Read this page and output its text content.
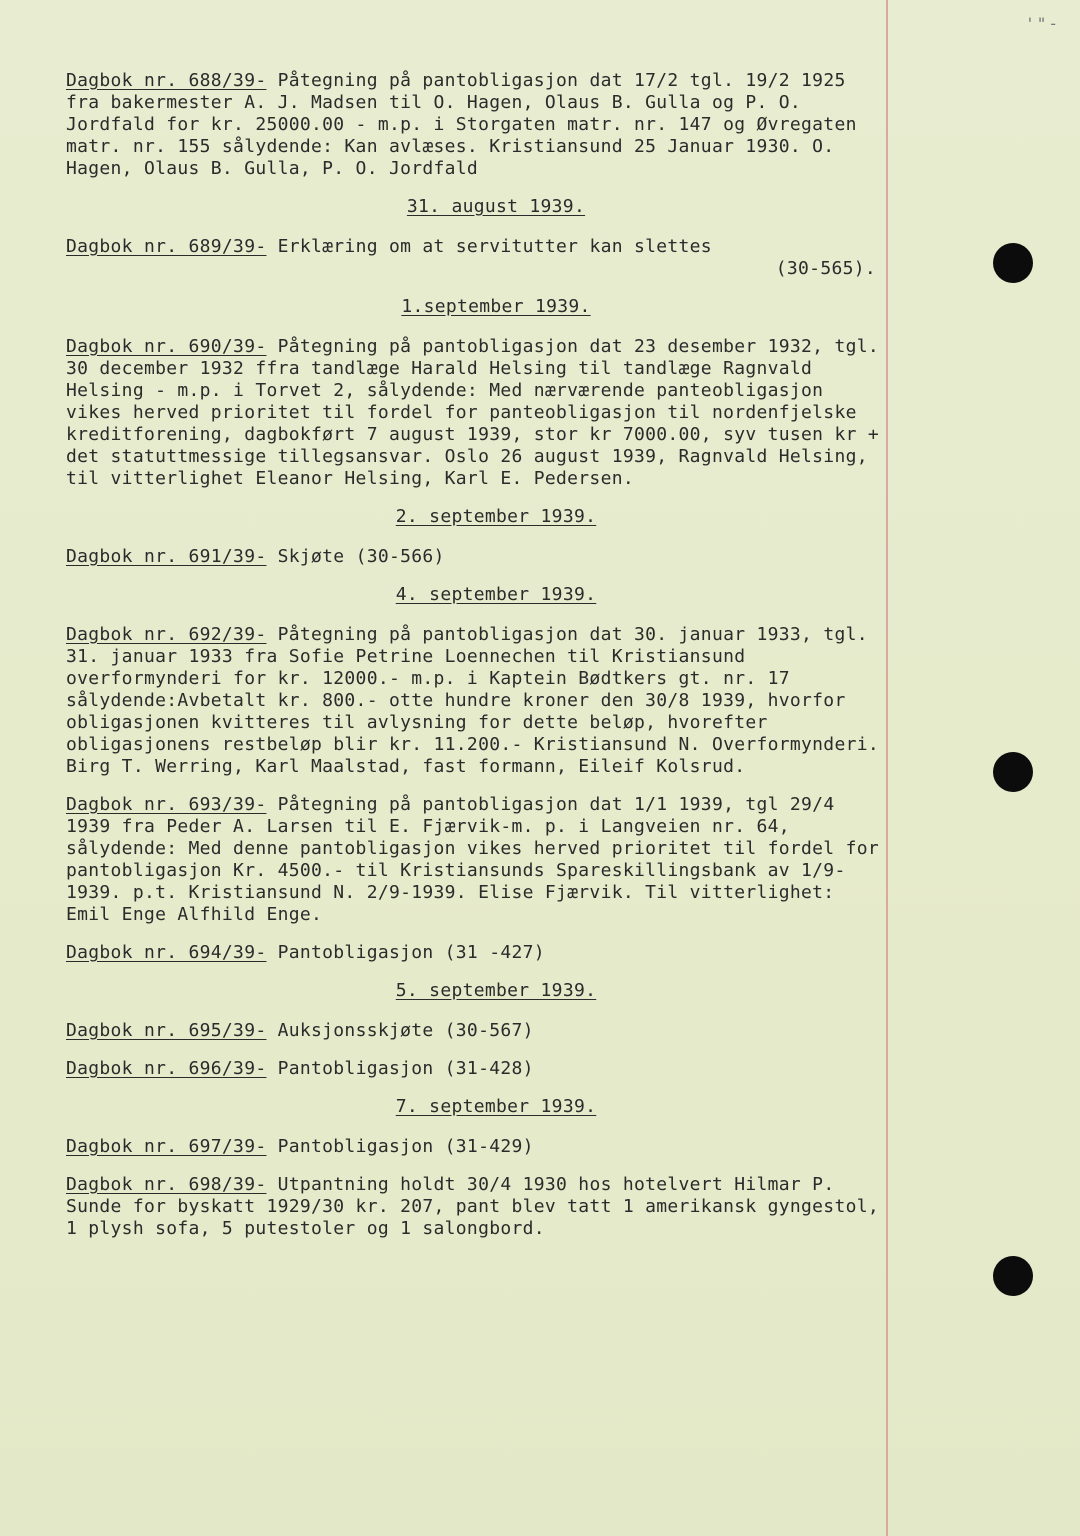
'"-
Dagbok nr. 688/39- Påtegning på pantobligasjon dat 17/2 tgl. 19/2 1925 fra bakermester A. J. Madsen til O. Hagen, Olaus B. Gulla og P. O. Jordfald for kr. 25000.00 - m.p. i Storgaten matr. nr. 147 og Øvregaten matr. nr. 155 sålydende: Kan avlæses. Kristiansund 25 Januar 1930. O. Hagen, Olaus B. Gulla, P. O. Jordfald
31. august 1939.
Dagbok nr. 689/39- Erklæring om at servitutter kan slettes
(30-565).
1.september 1939.
Dagbok nr. 690/39- Påtegning på pantobligasjon dat 23 desember 1932, tgl. 30 december 1932 ffra tandlæge Harald Helsing til tandlæge Ragnvald Helsing - m.p. i Torvet 2, sålydende: Med nærværende panteobligasjon vikes herved prioritet til fordel for panteobligasjon til nordenfjelske kreditforening, dagbokført 7 august 1939, stor kr 7000.00, syv tusen kr + det statuttmessige tillegsansvar. Oslo 26 august 1939, Ragnvald Helsing, til vitterlighet Eleanor Helsing, Karl E. Pedersen.
2. september 1939.
Dagbok nr. 691/39- Skjøte (30-566)
4. september 1939.
Dagbok nr. 692/39- Påtegning på pantobligasjon dat 30. januar 1933, tgl. 31. januar 1933 fra Sofie Petrine Loennechen til Kristiansund overformynderi for kr. 12000.- m.p. i Kaptein Bødtkers gt. nr. 17 sålydende:Avbetalt kr. 800.- otte hundre kroner den 30/8 1939, hvorfor obligasjonen kvitteres til avlysning for dette beløp, hvorefter obligasjonens restbeløp blir kr. 11.200.- Kristiansund N. Overformynderi. Birg T. Werring, Karl Maalstad, fast formann, Eileif Kolsrud.
Dagbok nr. 693/39- Påtegning på pantobligasjon dat 1/1 1939, tgl 29/4 1939 fra Peder A. Larsen til E. Fjærvik-m. p. i Langveien nr. 64, sålydende: Med denne pantobligasjon vikes herved prioritet til fordel for pantobligasjon Kr. 4500.- til Kristiansunds Spareskillingsbank av 1/9-1939. p.t. Kristiansund N. 2/9-1939. Elise Fjærvik. Til vitterlighet: Emil Enge Alfhild Enge.
Dagbok nr. 694/39- Pantobligasjon (31 -427)
5. september 1939.
Dagbok nr. 695/39- Auksjonsskjøte (30-567)
Dagbok nr. 696/39- Pantobligasjon (31-428)
7. september 1939.
Dagbok nr. 697/39- Pantobligasjon (31-429)
Dagbok nr. 698/39- Utpantning holdt 30/4 1930 hos hotelvert Hilmar P. Sunde for byskatt 1929/30 kr. 207, pant blev tatt 1 amerikansk gyngestol, 1 plysh sofa, 5 putestoler og 1 salongbord.
